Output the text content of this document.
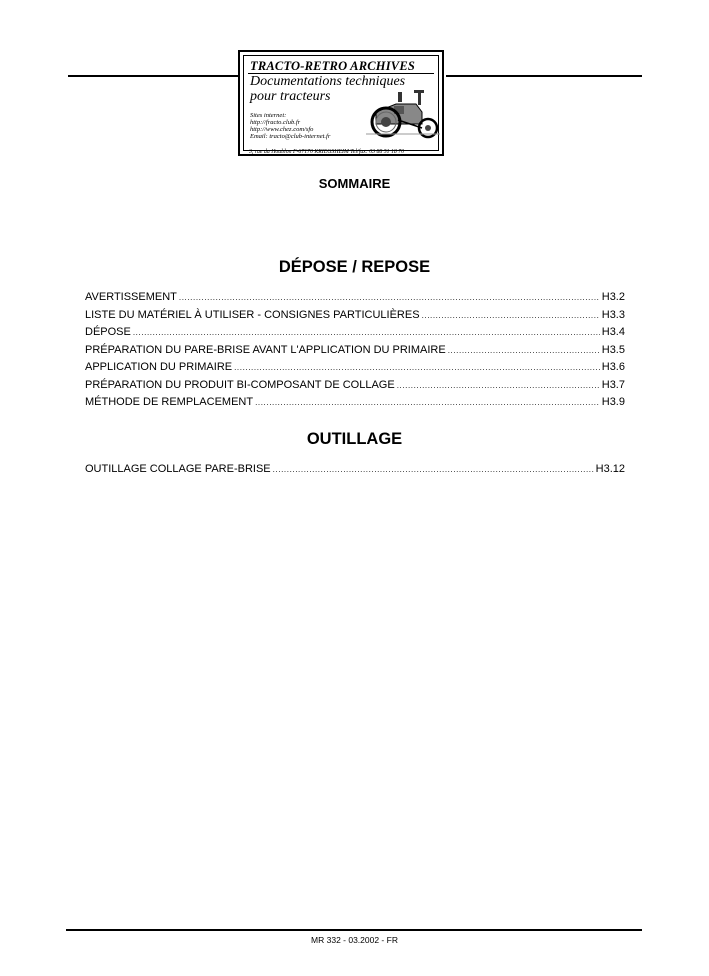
TRACTO-RETRO ARCHIVES
Documentations techniques
pour tracteurs
Sites internet:
http://fracto.club.fr
http://www.chez.com/sfo
Email: tracto@club-internet.fr
3, rue du Houblon F-67170 KRIEGSHEIM Tel/fax: 03 88 51 18 70
SOMMAIRE
DÉPOSE / REPOSE
AVERTISSEMENT .....	H3.2
LISTE DU MATÉRIEL À UTILISER - CONSIGNES PARTICULIÈRES .....	H3.3
DÉPOSE .....	H3.4
PRÉPARATION DU PARE-BRISE AVANT L'APPLICATION DU PRIMAIRE .....	H3.5
APPLICATION DU PRIMAIRE .....	H3.6
PRÉPARATION DU PRODUIT BI-COMPOSANT DE COLLAGE .....	H3.7
MÉTHODE DE REMPLACEMENT .....	H3.9
OUTILLAGE
OUTILLAGE COLLAGE PARE-BRISE .....	H3.12
MR 332 - 03.2002 - FR
